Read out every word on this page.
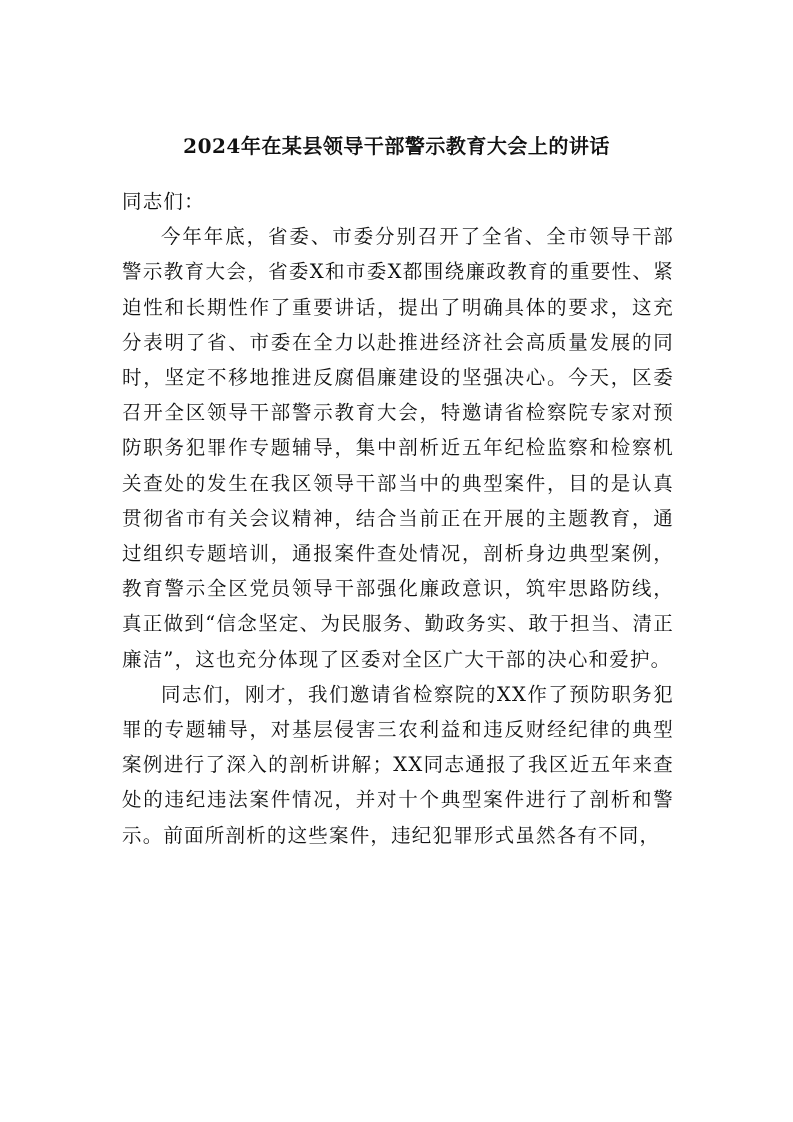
2024年在某县领导干部警示教育大会上的讲话

同志们：

今年年底，省委、市委分别召开了全省、全市领导干部警示教育大会，省委X和市委X都围绕廉政教育的重要性、紧迫性和长期性作了重要讲话，提出了明确具体的要求，这充分表明了省、市委在全力以赴推进经济社会高质量发展的同时，坚定不移地推进反腐倡廉建设的坚强决心。今天，区委召开全区领导干部警示教育大会，特邀请省检察院专家对预防职务犯罪作专题辅导，集中剖析近五年纪检监察和检察机关查处的发生在我区领导干部当中的典型案件，目的是认真贯彻省市有关会议精神，结合当前正在开展的主题教育，通过组织专题培训，通报案件查处情况，剖析身边典型案例，教育警示全区党员领导干部强化廉政意识，筑牢思路防线，真正做到“信念坚定、为民服务、勤政务实、敢于担当、清正廉洁”，这也充分体现了区委对全区广大干部的决心和爱护。

同志们，刚才，我们邀请省检察院的XX作了预防职务犯罪的专题辅导，对基层侵害三农利益和违反财经纪律的典型案例进行了深入的剖析讲解；XX同志通报了我区近五年来查处的违纪违法案件情况，并对十个典型案件进行了剖析和警示。前面所剖析的这些案件，违纪犯罪形式虽然各有不同，
